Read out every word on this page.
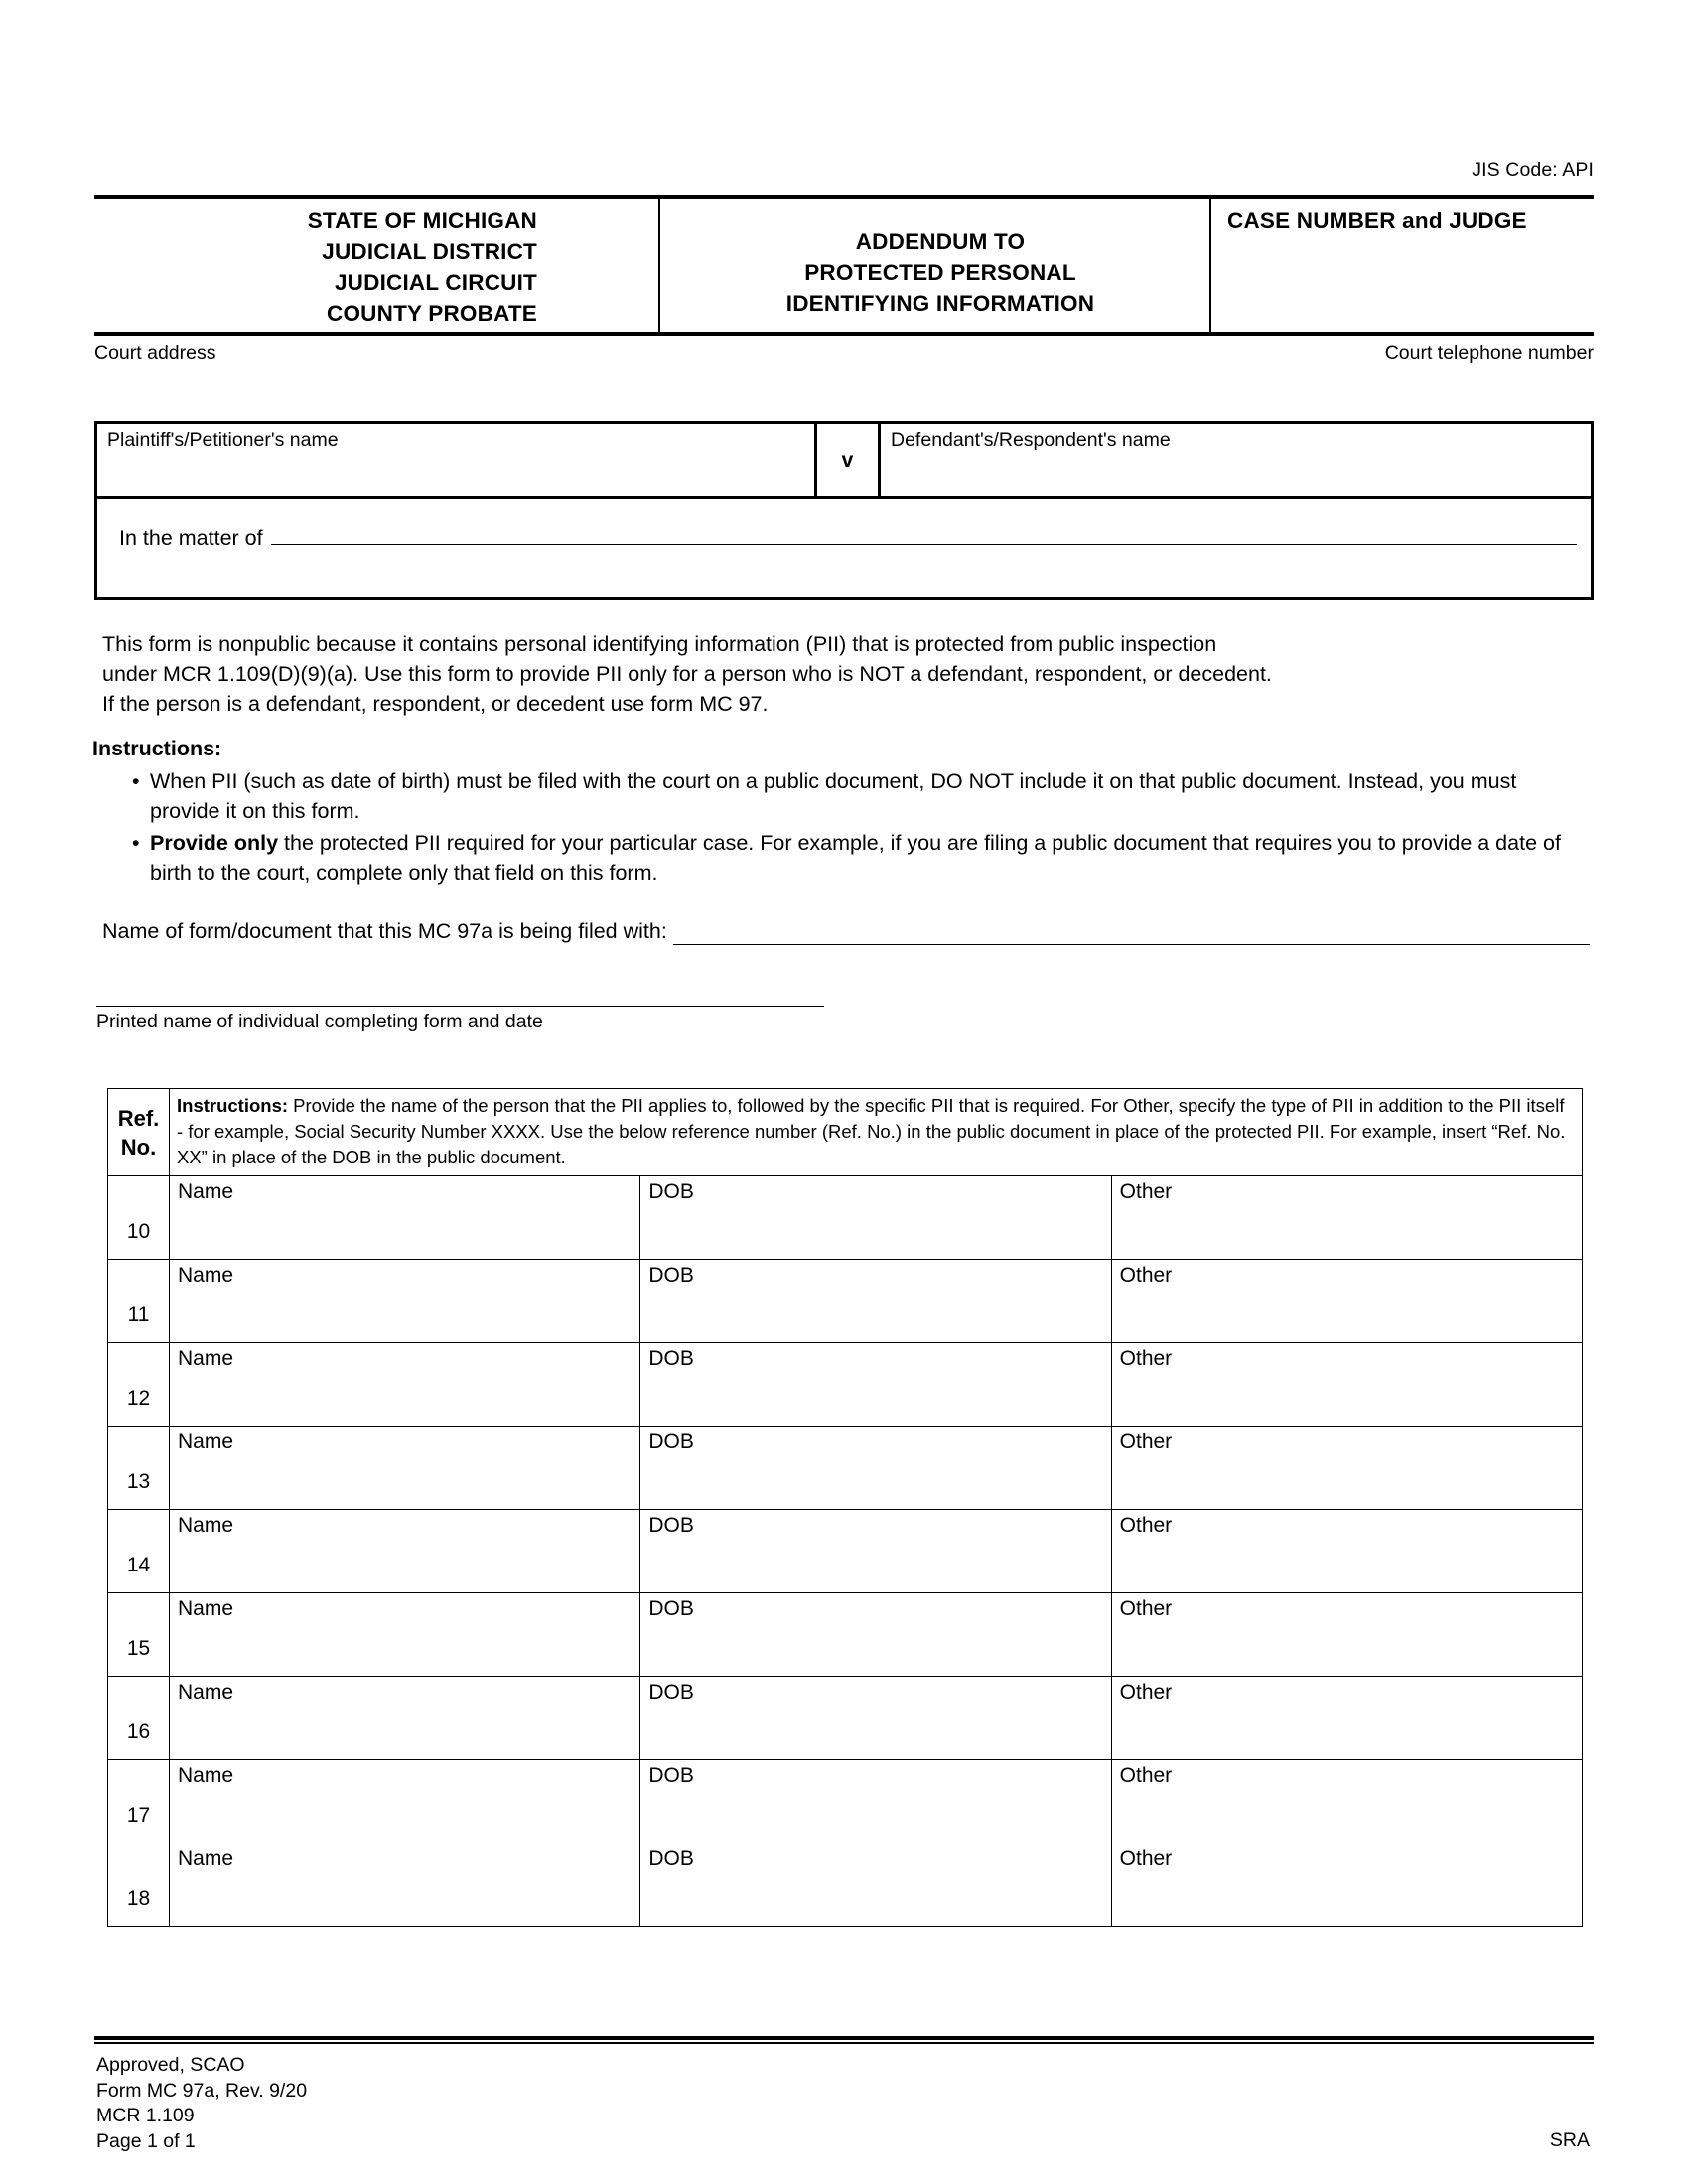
JIS Code: API
STATE OF MICHIGAN
JUDICIAL DISTRICT
JUDICIAL CIRCUIT
COUNTY PROBATE
ADDENDUM TO
PROTECTED PERSONAL
IDENTIFYING INFORMATION
CASE NUMBER and JUDGE
Court address	Court telephone number
Plaintiff's/Petitioner's name
v
Defendant's/Respondent's name
In the matter of

This form is nonpublic because it contains personal identifying information (PII) that is protected from public inspection

under MCR 1.109(D)(9)(a). Use this form to provide PII only for a person who is NOT a defendant, respondent, or decedent.

If the person is a defendant, respondent, or decedent use form MC 97.

Instructions:
• When PII (such as date of birth) must be filed with the court on a public document, DO NOT include it on that public document. Instead, you must provide it on this form.
• Provide only the protected PII required for your particular case. For example, if you are filing a public document that requires you to provide a date of birth to the court, complete only that field on this form.
Name of form/document that this MC 97a is being filed with:
Printed name of individual completing form and date
Ref.
No.	Instructions: Provide the name of the person that the PII applies to, followed by the specific PII that is required. For Other, specify the type of PII in addition to the PII itself - for example, Social Security Number XXXX. Use the below reference number (Ref. No.) in the public document in place of the protected PII. For example, insert “Ref. No. XX” in place of the DOB in the public document.		
10	Name	DOB	Other
11	Name	DOB	Other
12	Name	DOB	Other
13	Name	DOB	Other
14	Name	DOB	Other
15	Name	DOB	Other
16	Name	DOB	Other
17	Name	DOB	Other
18	Name	DOB	Other
Approved, SCAO
Form MC 97a, Rev. 9/20
MCR 1.109
Page 1 of 1	SRA
